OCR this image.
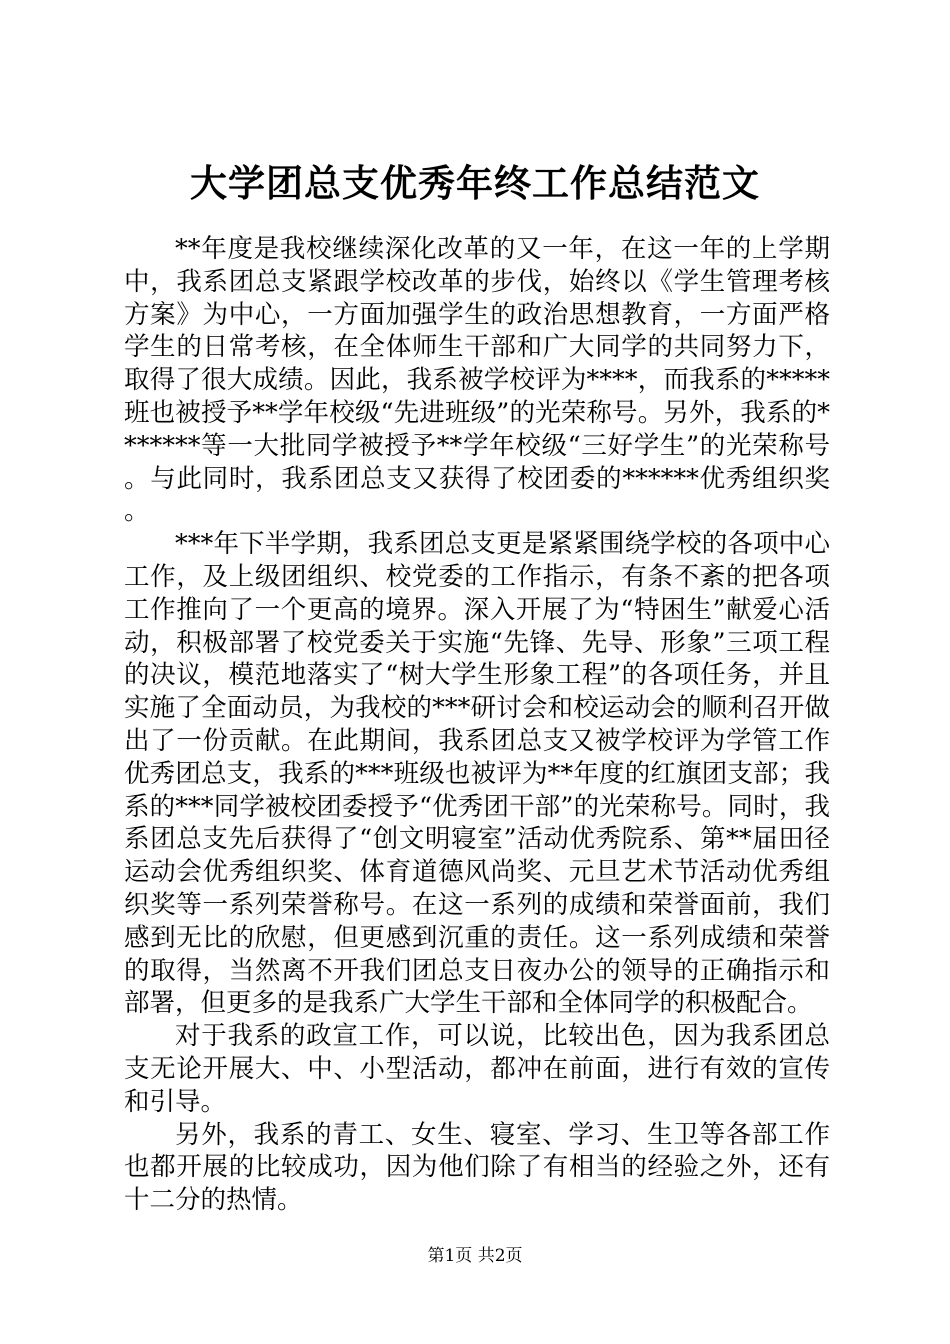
大学团总支优秀年终工作总结范文

**年度是我校继续深化改革的又一年，在这一年的上学期中，我系团总支紧跟学校改革的步伐，始终以《学生管理考核方案》为中心，一方面加强学生的政治思想教育，一方面严格学生的日常考核，在全体师生干部和广大同学的共同努力下，取得了很大成绩。因此，我系被学校评为****，而我系的*****班也被授予**学年校级“先进班级”的光荣称号。另外，我系的*******等一大批同学被授予**学年校级“三好学生”的光荣称号。与此同时，我系团总支又获得了校团委的******优秀组织奖。

***年下半学期，我系团总支更是紧紧围绕学校的各项中心工作，及上级团组织、校党委的工作指示，有条不紊的把各项工作推向了一个更高的境界。深入开展了为“特困生”献爱心活动，积极部署了校党委关于实施“先锋、先导、形象”三项工程的决议，模范地落实了“树大学生形象工程”的各项任务，并且实施了全面动员，为我校的***研讨会和校运动会的顺利召开做出了一份贡献。在此期间，我系团总支又被学校评为学管工作优秀团总支，我系的***班级也被评为**年度的红旗团支部；我系的***同学被校团委授予“优秀团干部”的光荣称号。同时，我系团总支先后获得了“创文明寝室”活动优秀院系、第**届田径运动会优秀组织奖、体育道德风尚奖、元旦艺术节活动优秀组织奖等一系列荣誉称号。在这一系列的成绩和荣誉面前，我们感到无比的欣慰，但更感到沉重的责任。这一系列成绩和荣誉的取得，当然离不开我们团总支日夜办公的领导的正确指示和部署，但更多的是我系广大学生干部和全体同学的积极配合。

对于我系的政宣工作，可以说，比较出色，因为我系团总支无论开展大、中、小型活动，都冲在前面，进行有效的宣传和引导。

另外，我系的青工、女生、寝室、学习、生卫等各部工作也都开展的比较成功，因为他们除了有相当的经验之外，还有十二分的热情。

第1页 共2页
